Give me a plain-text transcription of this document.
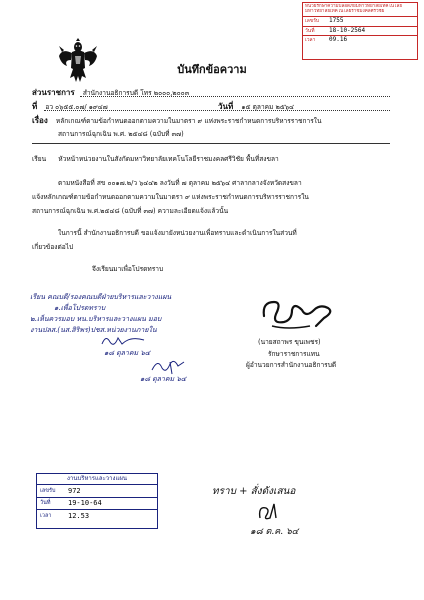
หน่วยรักษาความปลอดภัยมหาวิทยาลัยเทคโนโลยี
มหาวิทยาลัยเทคโนโลยีราชมงคลศรีวิชัย
เลขรับ	1755
วันที่	18-10-2564
เวลา	09.16
บันทึกข้อความ
ส่วนราชการ สำนักงานอธิการบดี โทร ๒๐๐๐,๒๐๐๓
ที่ อว ๐๖๕๕.๐๗/ ๑๙๔๗	วันที่ ๑๕ ตุลาคม ๒๕๖๔
เรื่อง หลักเกณฑ์ตามข้อกำหนดออกตามความในมาตรา ๙ แห่งพระราชกำหนดการบริหารราชการใน
สถานการณ์ฉุกเฉิน พ.ศ. ๒๕๔๘ (ฉบับที่ ๓๗)
เรียน หัวหน้าหน่วยงานในสังกัดมหาวิทยาลัยเทคโนโลยีราชมงคลศรีวิชัย พื้นที่สงขลา
ตามหนังสือที่ สข ๐๐๑๗.๒/ว ๖๔๔๒ ลงวันที่ ๗ ตุลาคม ๒๕๖๔ ศาลากลางจังหวัดสงขลา
แจ้งหลักเกณฑ์ตามข้อกำหนดออกตามความในมาตรา ๙ แห่งพระราชกำหนดการบริหารราชการใน
สถานการณ์ฉุกเฉิน พ.ศ.๒๕๔๘ (ฉบับที่ ๓๗) ความละเอียดแจ้งแล้วนั้น
ในการนี้ สำนักงานอธิการบดี ขอแจ้งมายังหน่วยงานเพื่อทราบและดำเนินการในส่วนที่
เกี่ยวข้องต่อไป
จึงเรียนมาเพื่อโปรดทราบ
เรียน คณบดี/รองคณบดีฝ่ายบริหารและวางแผน
๑.เพื่อโปรดทราบ
๒.เห็นควรมอบ หน.บริหารและวางแผน มอบ
งานปลส.(นส.สิริพร)ปชส.หน่วยงานภายใน
๑๘ ตุลาคม ๖๔
๑๘ ตุลาคม ๖๔
(นายสถาพร ขุนเพชร)
รักษาราชการแทน
ผู้อำนวยการสำนักงานอธิการบดี
งานบริหารและวางแผน
เลขรับ	972
วันที่	19-10-64
เวลา	12.53
ทราบ + สั่งดังเสนอ
๑๘ ต.ค. ๖๔
